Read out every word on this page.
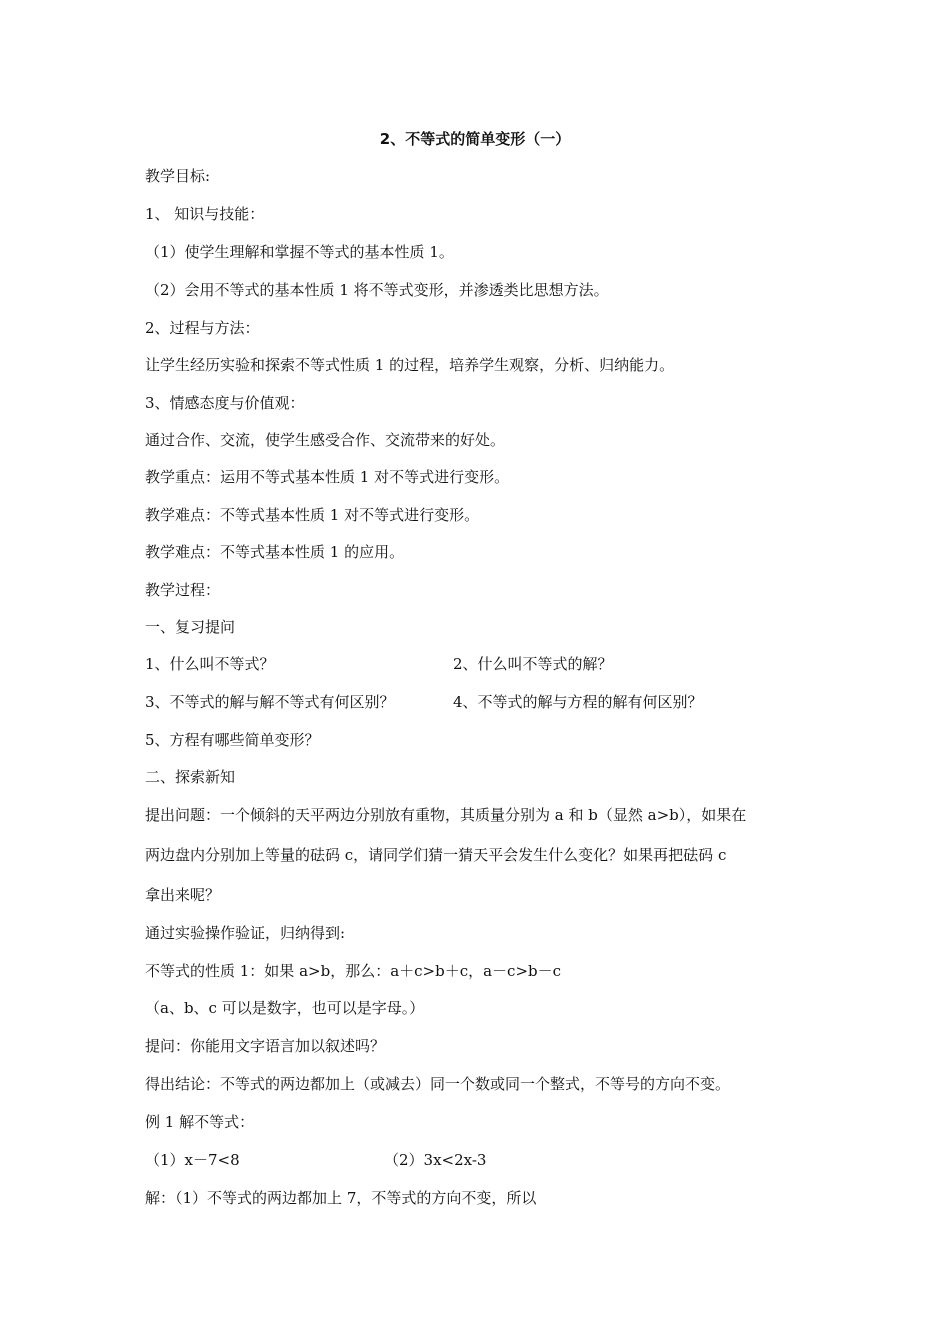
2、不等式的简单变形（一）
教学目标:
1、 知识与技能：
（1）使学生理解和掌握不等式的基本性质 1。
（2）会用不等式的基本性质 1 将不等式变形，并渗透类比思想方法。
2、过程与方法：
让学生经历实验和探索不等式性质 1 的过程，培养学生观察，分析、归纳能力。
3、情感态度与价值观：
通过合作、交流，使学生感受合作、交流带来的好处。
教学重点：运用不等式基本性质 1 对不等式进行变形。
教学难点：不等式基本性质 1 对不等式进行变形。
教学难点：不等式基本性质 1 的应用。
教学过程：
一、复习提问
1、什么叫不等式？	2、什么叫不等式的解？
3、不等式的解与解不等式有何区别？	4、不等式的解与方程的解有何区别？
5、方程有哪些简单变形？
二、探索新知
提出问题：一个倾斜的天平两边分别放有重物，其质量分别为 a 和 b（显然 a>b），如果在
两边盘内分别加上等量的砝码 c，请同学们猜一猜天平会发生什么变化？如果再把砝码 c
拿出来呢？
通过实验操作验证，归纳得到:
不等式的性质 1：如果 a>b，那么：a＋c>b＋c，a－c>b－c
（a、b、c 可以是数字，也可以是字母。）
提问：你能用文字语言加以叙述吗？
得出结论：不等式的两边都加上（或减去）同一个数或同一个整式，不等号的方向不变。
例 1 解不等式：
（1）x－7<8	（2）3x<2x-3
解：（1）不等式的两边都加上 7，不等式的方向不变，所以
